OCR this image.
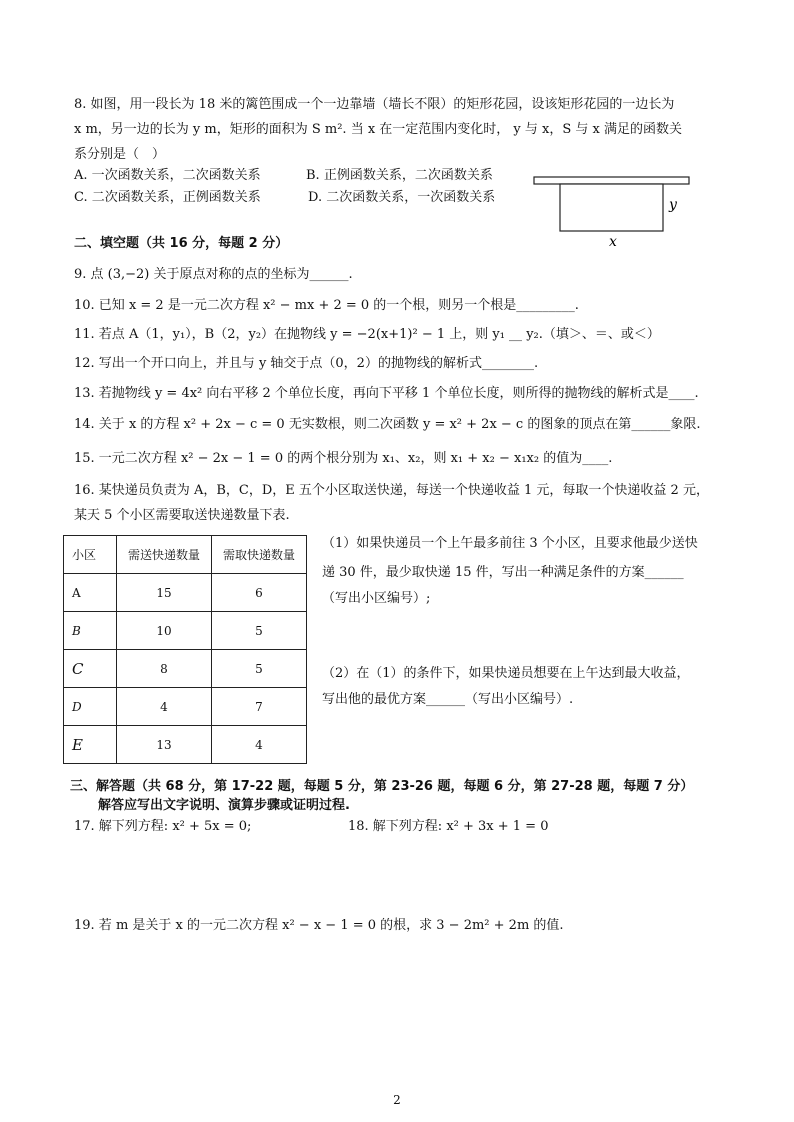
8. 如图，用一段长为 18 米的篱笆围成一个一边靠墙（墙长不限）的矩形花园，设该矩形花园的一边长为
x m，另一边的长为 y m，矩形的面积为 S m². 当 x 在一定范围内变化时， y 与 x，S 与 x 满足的函数关
系分别是（　）
A. 一次函数关系，二次函数关系	B. 正例函数关系，二次函数关系
C. 二次函数关系，正例函数关系	D. 二次函数关系，一次函数关系	y
x
二、填空题（共 16 分，每题 2 分）
9. 点 (3,−2) 关于原点对称的点的坐标为______.
10. 已知 x = 2 是一元二次方程 x² − mx + 2 = 0 的一个根，则另一个根是_________.
11. 若点 A（1，y₁），B（2，y₂）在抛物线 y = −2(x+1)² − 1 上，则 y₁ __ y₂.（填＞、＝、或＜）
12. 写出一个开口向上，并且与 y 轴交于点（0，2）的抛物线的解析式________.
13. 若抛物线 y = 4x² 向右平移 2 个单位长度，再向下平移 1 个单位长度，则所得的抛物线的解析式是____.
14. 关于 x 的方程 x² + 2x − c = 0 无实数根，则二次函数 y = x² + 2x − c 的图象的顶点在第______象限.
15. 一元二次方程 x² − 2x − 1 = 0 的两个根分别为 x₁、x₂，则 x₁ + x₂ − x₁x₂ 的值为____.
16. 某快递员负责为 A，B，C，D，E 五个小区取送快递，每送一个快递收益 1 元，每取一个快递收益 2 元，
某天 5 个小区需要取送快递数量下表.
小区	需送快递数量	需取快递数量
A	15	6
B	10	5
C	8	5
D	4	7
E	13	4
（1）如果快递员一个上午最多前往 3 个小区，且要求他最少送快
递 30 件，最少取快递 15 件，写出一种满足条件的方案______
（写出小区编号）;
（2）在（1）的条件下，如果快递员想要在上午达到最大收益，
写出他的最优方案______（写出小区编号）.
三、解答题（共 68 分，第 17-22 题，每题 5 分，第 23-26 题，每题 6 分，第 27-28 题，每题 7 分）
解答应写出文字说明、演算步骤或证明过程.
17. 解下列方程: x² + 5x = 0;	18. 解下列方程: x² + 3x + 1 = 0
19. 若 m 是关于 x 的一元二次方程 x² − x − 1 = 0 的根，求 3 − 2m² + 2m 的值.
2
